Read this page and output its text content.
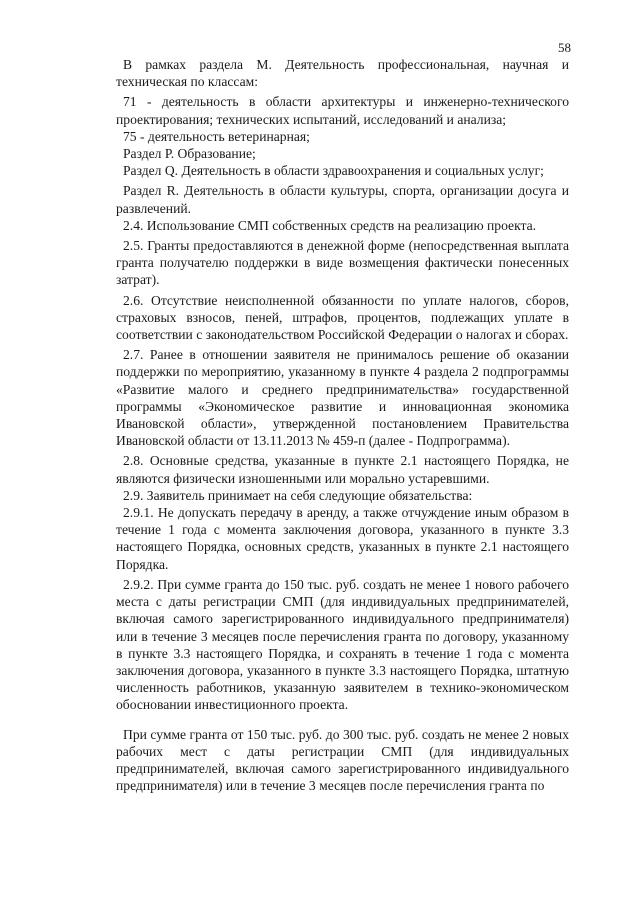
58

В рамках раздела M. Деятельность профессиональная, научная и техническая по классам:

71 - деятельность в области архитектуры и инженерно-технического проектирования; технических испытаний, исследований и анализа;

75 - деятельность ветеринарная;

Раздел Р. Образование;

Раздел Q. Деятельность в области здравоохранения и социальных услуг;

Раздел R. Деятельность в области культуры, спорта, организации досуга и развлечений.

2.4. Использование СМП собственных средств на реализацию проекта.

2.5. Гранты предоставляются в денежной форме (непосредственная выплата гранта получателю поддержки в виде возмещения фактически понесенных затрат).

2.6. Отсутствие неисполненной обязанности по уплате налогов, сборов, страховых взносов, пеней, штрафов, процентов, подлежащих уплате в соответствии с законодательством Российской Федерации о налогах и сборах.

2.7. Ранее в отношении заявителя не принималось решение об оказании поддержки по мероприятию, указанному в пункте 4 раздела 2 подпрограммы «Развитие малого и среднего предпринимательства» государственной программы «Экономическое развитие и инновационная экономика Ивановской области», утвержденной постановлением Правительства Ивановской области от 13.11.2013 № 459-п (далее - Подпрограмма).

2.8. Основные средства, указанные в пункте 2.1 настоящего Порядка, не являются физически изношенными или морально устаревшими.

2.9. Заявитель принимает на себя следующие обязательства:

2.9.1. Не допускать передачу в аренду, а также отчуждение иным образом в течение 1 года с момента заключения договора, указанного в пункте 3.3 настоящего Порядка, основных средств, указанных в пункте 2.1 настоящего Порядка.

2.9.2. При сумме гранта до 150 тыс. руб. создать не менее 1 нового рабочего места с даты регистрации СМП (для индивидуальных предпринимателей, включая самого зарегистрированного индивидуального предпринимателя) или в течение 3 месяцев после перечисления гранта по договору, указанному в пункте 3.3 настоящего Порядка, и сохранять в течение 1 года с момента заключения договора, указанного в пункте 3.3 настоящего Порядка, штатную численность работников, указанную заявителем в технико-экономическом обосновании инвестиционного проекта.

При сумме гранта от 150 тыс. руб. до 300 тыс. руб. создать не менее 2 новых рабочих мест с даты регистрации СМП (для индивидуальных предпринимателей, включая самого зарегистрированного индивидуального предпринимателя) или в течение 3 месяцев после перечисления гранта по
